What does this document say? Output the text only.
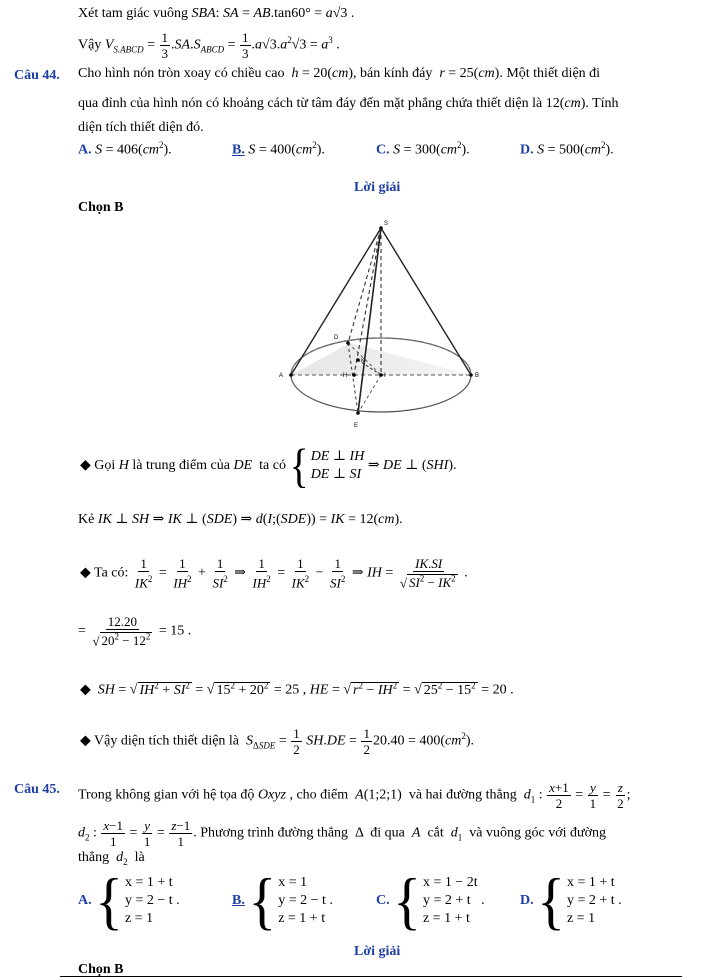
Xét tam giác vuông SBA: SA = AB.tan60° = a√3 .
Vậy $V_{S.ABCD} = \frac{1}{3} .SA.S_{ABCD} = \frac{1}{3} .a√3.a^2√3 = a^3$ .
Câu 44. Cho hình nón tròn xoay có chiều cao  h = 20(cm), bán kính đáy  r = 25(cm). Một thiết diện đi
qua đỉnh của hình nón có khoảng cách từ tâm đáy đến mặt phẳng chứa thiết diện là 12(cm). Tính
diện tích thiết diện đó.
A. $S = 406(cm^2)$.	B. $S = 400(cm^2)$.	C. $S = 300(cm^2)$.	D. $S = 500(cm^2)$.
Lời giải
Chọn B
S
D
A	H	I
K
B
E
◆ Gọi H là trung điểm của DE  ta có { DE ⊥ IH
DE ⊥ SI
⇒ DE ⊥ (SHI).
Kẻ IK ⊥ SH ⇒ IK ⊥ (SDE) ⇒ d(I;(SDE)) = IK = 12(cm).
◆ Ta có: $\frac{1}{IK^2} = \frac{1}{IH^2} + \frac{1}{SI^2}$ ⇒ $\frac{1}{IH^2} = \frac{1}{IK^2} - \frac{1}{SI^2}$ ⇒ IH = $\frac{IK.SI}{√ SI^2 - IK^2}$ .
= $\frac{12.20}{√ 20^2 - 12^2} = 15$ .
◆  SH = √ $IH^2 + SI^2$ = √ $15^2 + 20^2 = 25$ , HE = √ $r^2 - IH^2$ = √ $25^2 - 15^2 = 20$ .
◆ Vậy diện tích thiết diện là  $S_{\Delta SDE} = \frac{1}{2} SH.DE = \frac{1}{2} 20.40 = 400(cm^2)$.
Câu 45. Trong không gian với hệ tọa độ Oxyz , cho điểm  A(1;2;1)  và hai đường thẳng  $d_1$ : $\frac{x+1}{2} = \frac{y}{1} = \frac{z}{2}$ ;
$d_2$ : $\frac{x-1}{1} = \frac{y}{1} = \frac{z-1}{1}$ . Phương trình đường thẳng  Δ  đi qua  A  cắt  $d_1$  và vuông góc với đường
thẳng  $d_2$  là
A. { x = 1 + t
y = 2 − t
z = 1
.	B. { x = 1
y = 2 − t
z = 1 + t
.	C. { x = 1 − 2t
y = 2 + t
z = 1 + t
.	D. { x = 1 + t
y = 2 + t
z = 1
.
Lời giải
Chọn B
